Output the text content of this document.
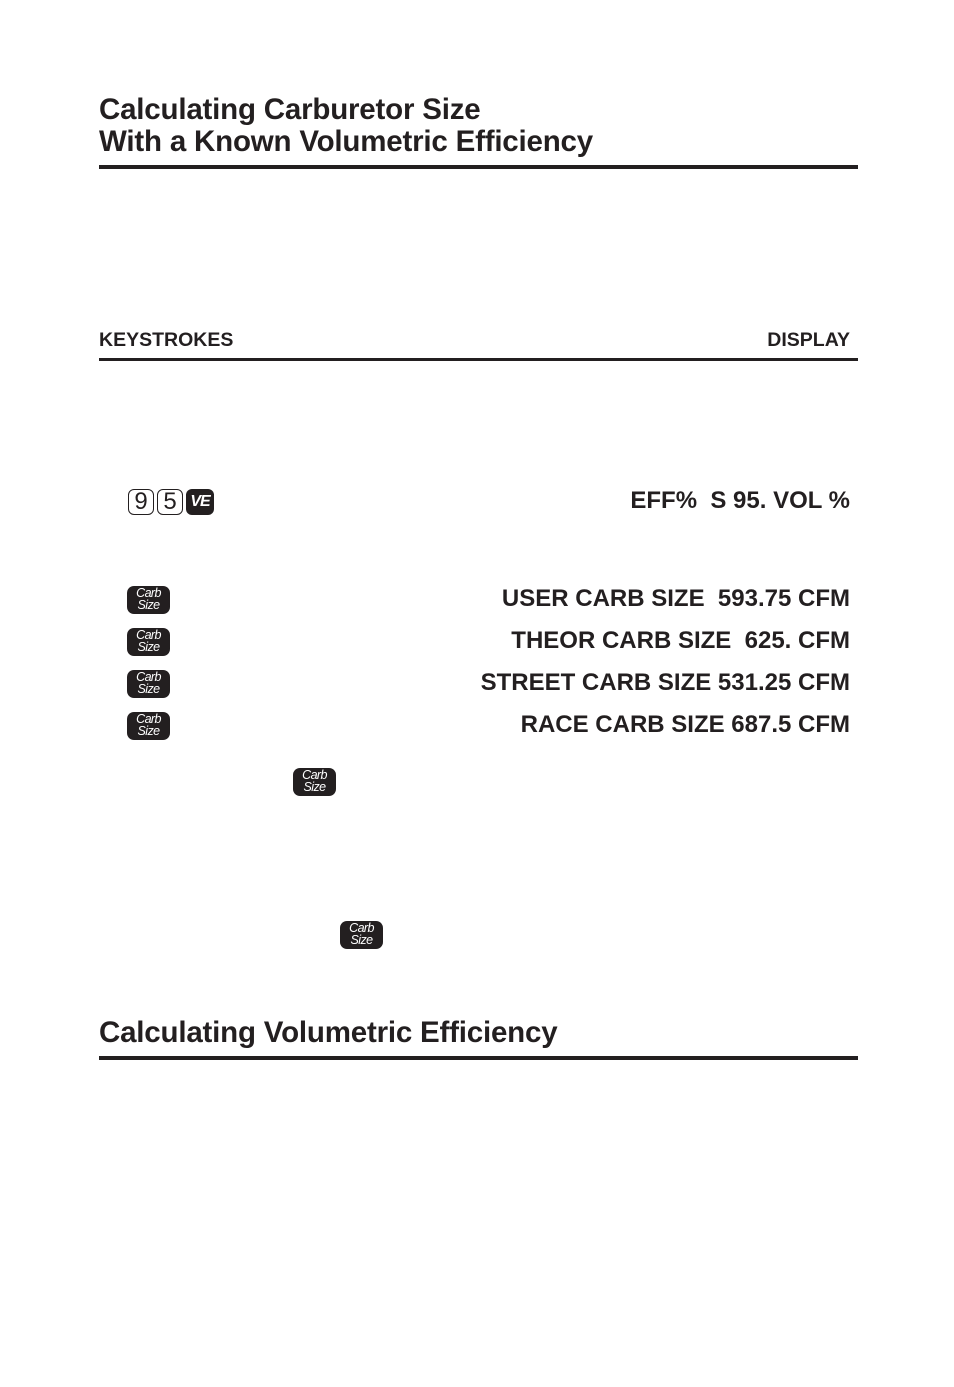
Calculating Carburetor Size
With a Known Volumetric Efficiency
KEYSTROKES	DISPLAY
9 5 VE	EFF%  S 95. VOL %
Carb
Size	USER CARB SIZE  593.75 CFM
Carb
Size	THEOR CARB SIZE  625. CFM
Carb
Size	STREET CARB SIZE 531.25 CFM
Carb
Size	RACE CARB SIZE 687.5 CFM
Carb
Size
Carb
Size
Calculating Volumetric Efficiency
